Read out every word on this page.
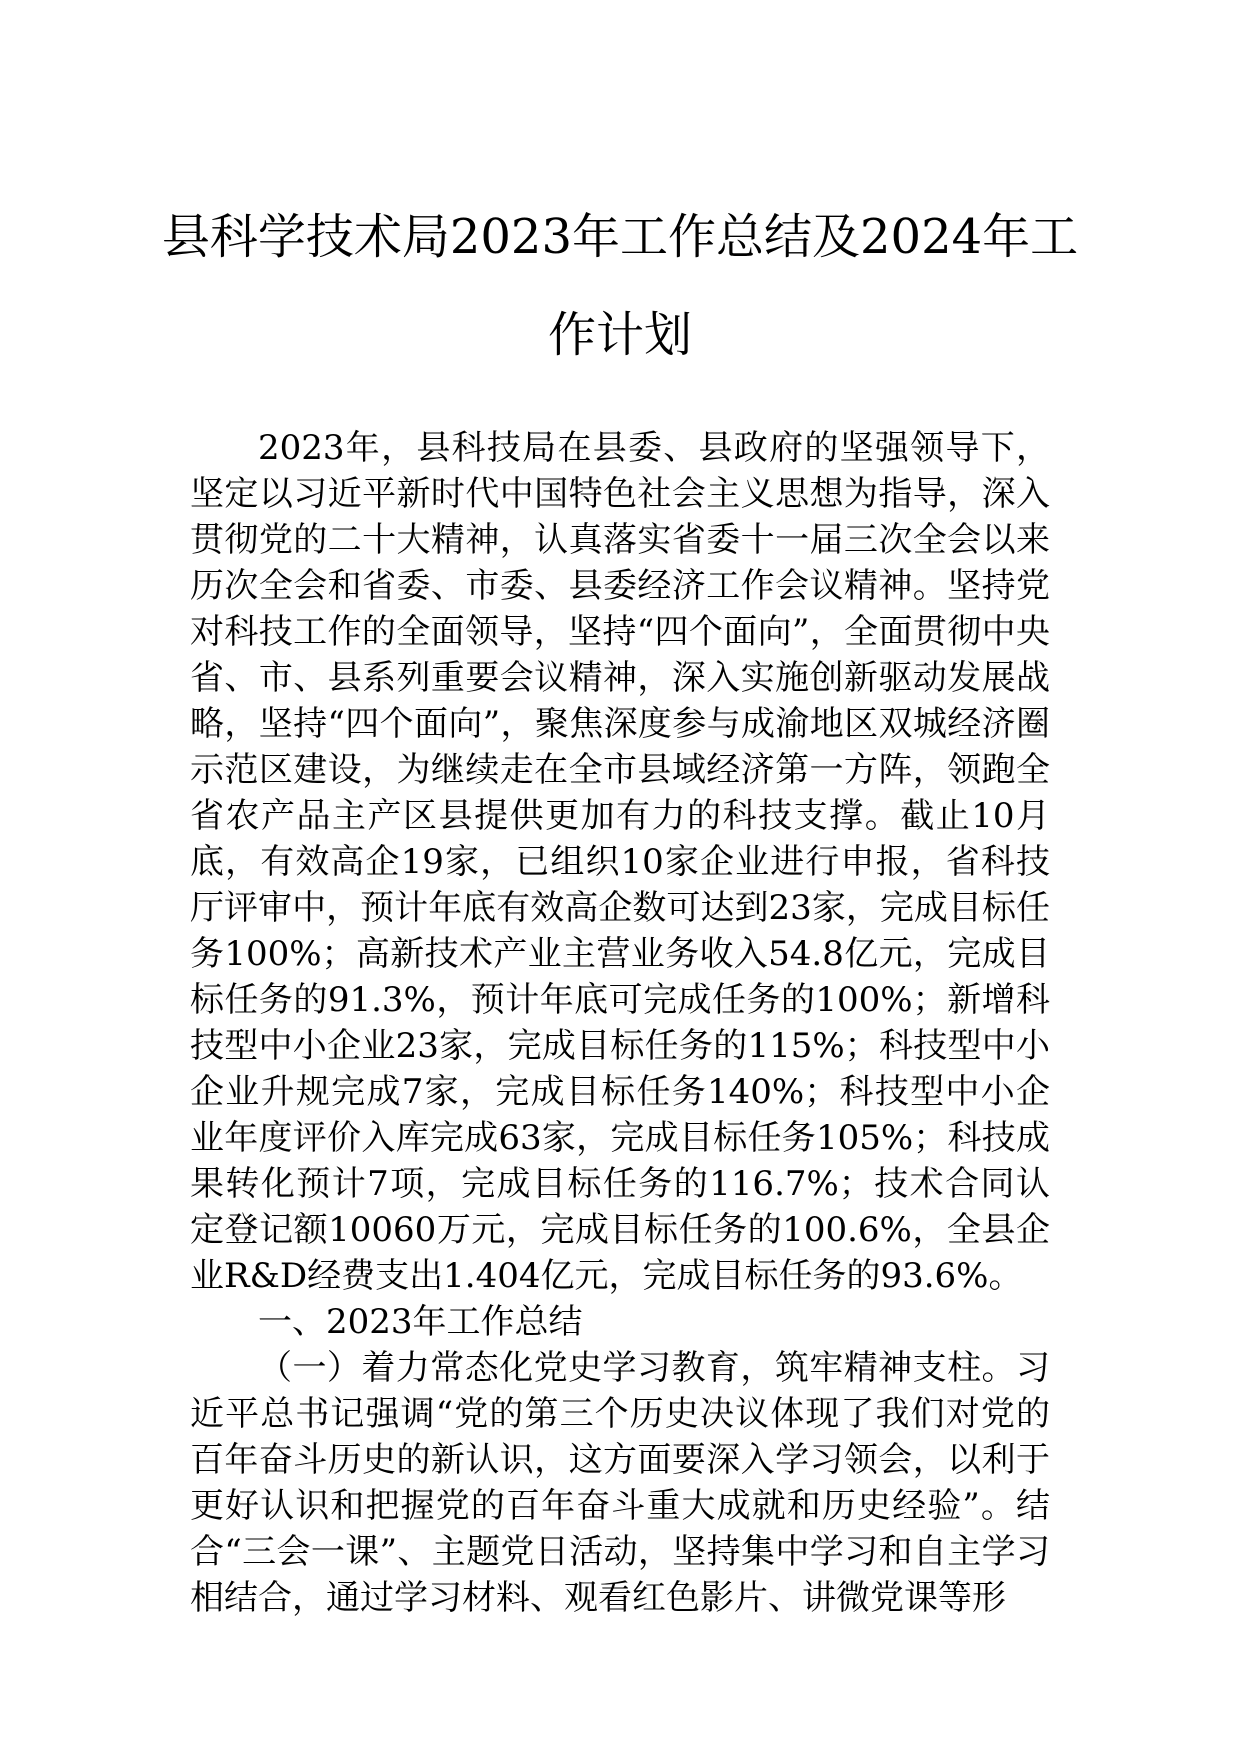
县科学技术局2023年工作总结及2024年工作计划

2023年，县科技局在县委、县政府的坚强领导下，坚定以习近平新时代中国特色社会主义思想为指导，深入贯彻党的二十大精神，认真落实省委十一届三次全会以来历次全会和省委、市委、县委经济工作会议精神。坚持党对科技工作的全面领导，坚持“四个面向”，全面贯彻中央省、市、县系列重要会议精神，深入实施创新驱动发展战略，坚持“四个面向”，聚焦深度参与成渝地区双城经济圈示范区建设，为继续走在全市县域经济第一方阵，领跑全省农产品主产区县提供更加有力的科技支撑。截止10月底，有效高企19家，已组织10家企业进行申报，省科技厅评审中，预计年底有效高企数可达到23家，完成目标任务100%；高新技术产业主营业务收入54.8亿元，完成目标任务的91.3%，预计年底可完成任务的100%；新增科技型中小企业23家，完成目标任务的115%；科技型中小企业升规完成7家，完成目标任务140%；科技型中小企业年度评价入库完成63家，完成目标任务105%；科技成果转化预计7项，完成目标任务的116.7%；技术合同认定登记额10060万元，完成目标任务的100.6%，全县企业R&D经费支出1.404亿元，完成目标任务的93.6%。

一、2023年工作总结

（一）着力常态化党史学习教育，筑牢精神支柱。习近平总书记强调“党的第三个历史决议体现了我们对党的百年奋斗历史的新认识，这方面要深入学习领会，以利于更好认识和把握党的百年奋斗重大成就和历史经验”。结合“三会一课”、主题党日活动，坚持集中学习和自主学习相结合，通过学习材料、观看红色影片、讲微党课等形
